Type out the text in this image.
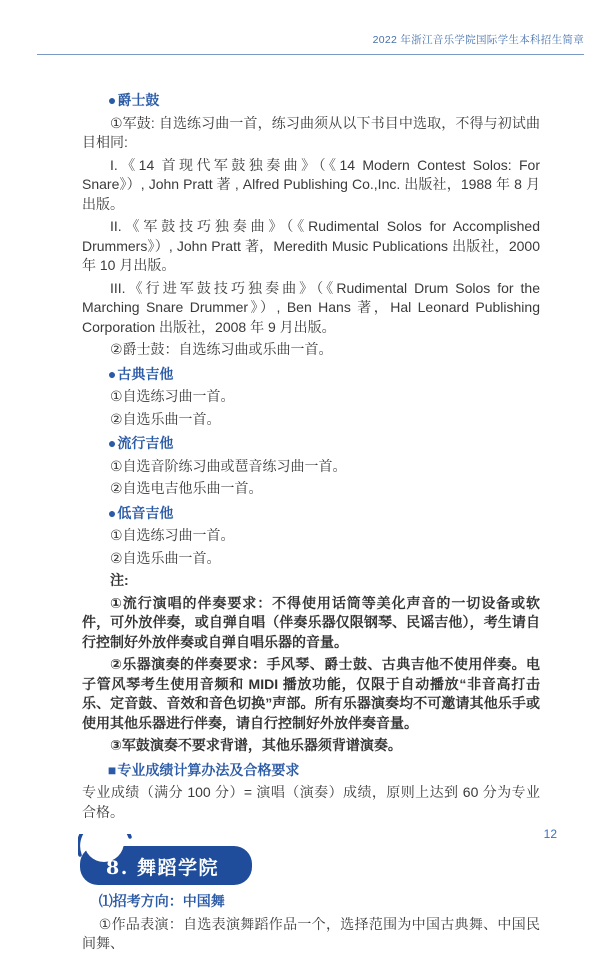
2022 年浙江音乐学院国际学生本科招生简章
●爵士鼓
①军鼓: 自选练习曲一首，练习曲须从以下书目中选取，不得与初试曲目相同:
I.《14 首现代军鼓独奏曲》（《14 Modern Contest Solos: For Snare》）, John Pratt 著 , Alfred Publishing Co.,Inc. 出版社，1988 年 8 月出版。
II.《军鼓技巧独奏曲》（《Rudimental Solos for Accomplished Drummers》）, John Pratt 著，Meredith Music Publications 出版社，2000 年 10 月出版。
III.《行进军鼓技巧独奏曲》（《Rudimental Drum Solos for the Marching Snare Drummer》）, Ben Hans 著，Hal Leonard Publishing Corporation 出版社，2008 年 9 月出版。
②爵士鼓：自选练习曲或乐曲一首。
●古典吉他
①自选练习曲一首。
②自选乐曲一首。
●流行吉他
①自选音阶练习曲或琶音练习曲一首。
②自选电吉他乐曲一首。
●低音吉他
①自选练习曲一首。
②自选乐曲一首。
注:
①流行演唱的伴奏要求：不得使用话筒等美化声音的一切设备或软件，可外放伴奏，或自弹自唱（伴奏乐器仅限钢琴、民谣吉他），考生请自行控制好外放伴奏或自弹自唱乐器的音量。
②乐器演奏的伴奏要求：手风琴、爵士鼓、古典吉他不使用伴奏。电子管风琴考生使用音频和 MIDI 播放功能，仅限于自动播放“非音高打击乐、定音鼓、音效和音色切换”声部。所有乐器演奏均不可邀请其他乐手或使用其他乐器进行伴奏，请自行控制好外放伴奏音量。
③军鼓演奏不要求背谱，其他乐器须背谱演奏。
■专业成绩计算办法及合格要求
专业成绩（满分 100 分）= 演唱（演奏）成绩，原则上达到 60 分为专业合格。
8. 舞蹈学院
⑴招考方向：中国舞
①作品表演：自选表演舞蹈作品一个，选择范围为中国古典舞、中国民间舞、
12
